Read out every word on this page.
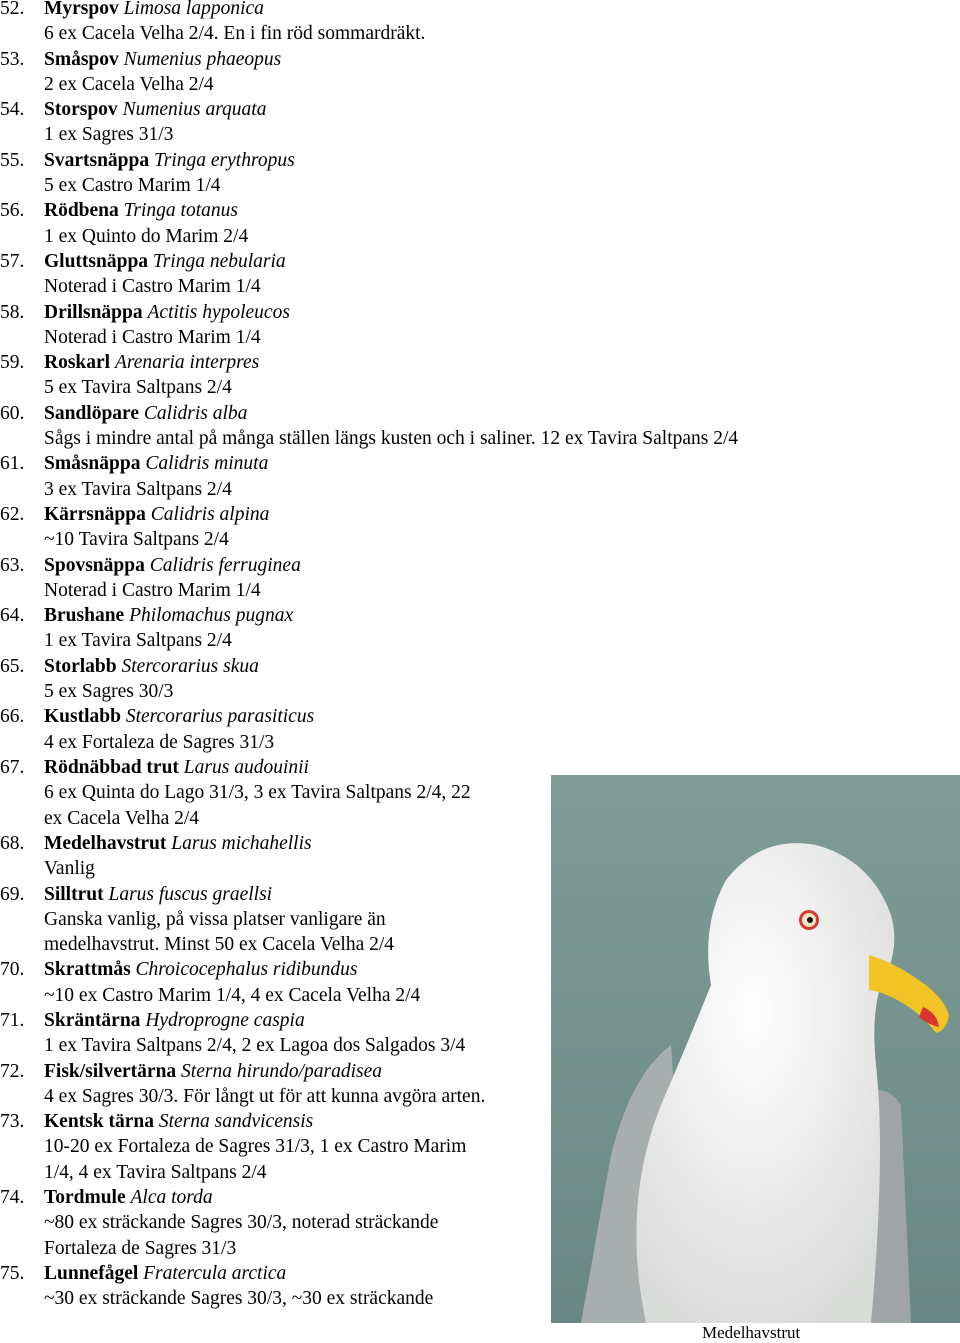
52. Myrspov Limosa lapponica
6 ex Cacela Velha 2/4. En i fin röd sommardräkt.
53. Småspov Numenius phaeopus
2 ex Cacela Velha 2/4
54. Storspov Numenius arquata
1 ex Sagres 31/3
55. Svartsnäppa Tringa erythropus
5 ex Castro Marim 1/4
56. Rödbena Tringa totanus
1 ex Quinto do Marim 2/4
57. Gluttsnäppa Tringa nebularia
Noterad i Castro Marim 1/4
58. Drillsnäppa Actitis hypoleucos
Noterad i Castro Marim 1/4
59. Roskarl Arenaria interpres
5 ex Tavira Saltpans 2/4
60. Sandlöpare Calidris alba
Sågs i mindre antal på många ställen längs kusten och i saliner. 12 ex Tavira Saltpans 2/4
61. Småsnäppa Calidris minuta
3 ex Tavira Saltpans 2/4
62. Kärrsnäppa Calidris alpina
~10 Tavira Saltpans 2/4
63. Spovsnäppa Calidris ferruginea
Noterad i Castro Marim 1/4
64. Brushane Philomachus pugnax
1 ex Tavira Saltpans 2/4
65. Storlabb Stercorarius skua
5 ex Sagres 30/3
66. Kustlabb Stercorarius parasiticus
4 ex Fortaleza de Sagres 31/3
67. Rödnäbbad trut Larus audouinii
6 ex Quinta do Lago 31/3, 3 ex Tavira Saltpans 2/4, 22
ex Cacela Velha 2/4
68. Medelhavstrut Larus michahellis
Vanlig
69. Silltrut Larus fuscus graellsi
Ganska vanlig, på vissa platser vanligare än
medelhavstrut. Minst 50 ex Cacela Velha 2/4
70. Skrattmås Chroicocephalus ridibundus
~10 ex Castro Marim 1/4, 4 ex Cacela Velha 2/4
71. Skräntärna Hydroprogne caspia
1 ex Tavira Saltpans 2/4, 2 ex Lagoa dos Salgados 3/4
72. Fisk/silvertärna Sterna hirundo/paradisea
4 ex Sagres 30/3. För långt ut för att kunna avgöra arten.
73. Kentsk tärna Sterna sandvicensis
10-20 ex Fortaleza de Sagres 31/3, 1 ex Castro Marim
1/4, 4 ex Tavira Saltpans 2/4
74. Tordmule Alca torda
~80 ex sträckande Sagres 30/3, noterad sträckande
Fortaleza de Sagres 31/3
75. Lunnefågel Fratercula arctica
~30 ex sträckande Sagres 30/3, ~30 ex sträckande
Medelhavstrut
